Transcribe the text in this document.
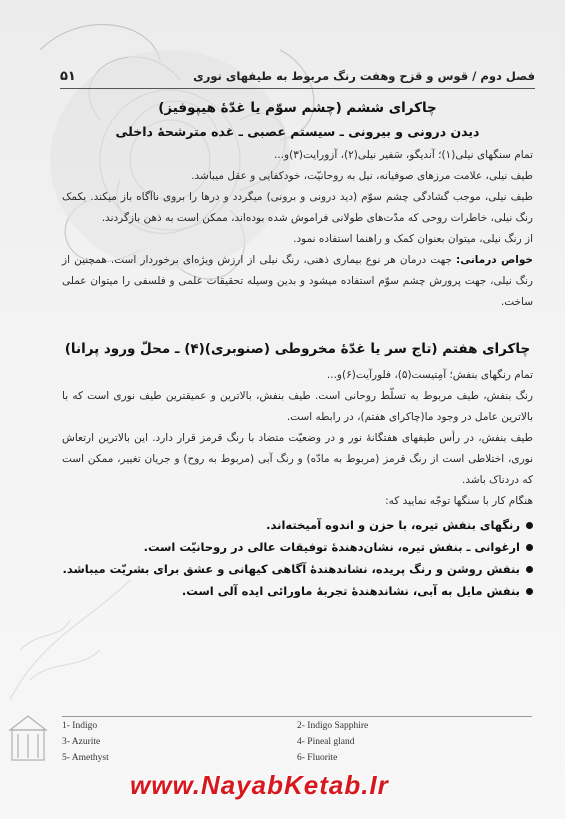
فصل دوم / قوس و قزح وهفت رنگ مربوط به طیفهای نوری
۵۱
چاکرای ششم (چشم سوّم یا غدّهٔ هیپوفیز)
دیدن درونی و بیرونی ـ سیستم عصبی ـ غده مترشحهٔ داخلی

تمام سنگهای نیلی(۱)؛ آندیگو، سَفیر نیلی(۲)، آزورایت(۳)و...

طیف نیلی، علامت مرزهای صوفیانه، نیل به روحانیّت، خودکفایی و عقل میباشد.

طیف نیلی، موجب گشادگی چشم سوّم (دید درونی و برونی) میگردد و درها را بروی ناآگاه باز میکند. بکمک رنگ نیلی، خاطرات روحی که مدّت‌های طولانی فراموش شده بوده‌اند، ممکن است به ذهن بازگردند.

از رنگ نیلی، میتوان بعنوان کمک و راهنما استفاده نمود.

خواص درمانی: جهت درمان هر نوع بیماری ذهنی، رنگ نیلی از ارزش ویژه‌ای برخوردار است. همچنین از رنگ نیلی، جهت پرورش چشم سوّم استفاده میشود و بدین وسیله تحقیقات علمی و فلسفی را میتوان عملی ساخت.

چاکرای هفتم (تاج سر یا غدّهٔ مخروطی (صنوبری)(۴) ـ محلّ ورود پرانا)

تمام رنگهای بنفش؛ آمِتیست(۵)، فلورآیت(۶)و...

رنگ بنفش، طیف مربوط به تسلّط روحانی است. طیف بنفش، بالاترین و عمیقترین طیف نوری است که با بالاترین عامل در وجود ما(چاکرای هفتم)، در رابطه است.

طیف بنفش، در رأس طیفهای هفتگانهٔ نور و در وضعیّت متضاد با رنگ قرمز قرار دارد. این بالاترین ارتعاش نوری، اختلاطی است از رنگ قرمز (مربوط به مادّه) و رنگ آبی (مربوط به روح) و جریان تغییر، ممکن است که دردناک باشد.

هنگام کار با سنگها توجّه نمایید که:

رنگهای بنفش تیره، با حزن و اندوه آمیخته‌اند.
ارغوانی ـ بنفش تیره، نشان‌دهندهٔ توفیقات عالی در روحانیّت است.
بنفش روشن و رنگ پریده، نشاندهندهٔ آگاهی کیهانی و عشق برای بشریّت میباشد.
بنفش مایل به آبی، نشاندهندهٔ تجربهٔ ماورائی ایده آلی است.
1- Indigo	2- Indigo Sapphire
3- Azurite	4- Pineal gland
5- Amethyst	6- Fluorite
www.NayabKetab.Ir
